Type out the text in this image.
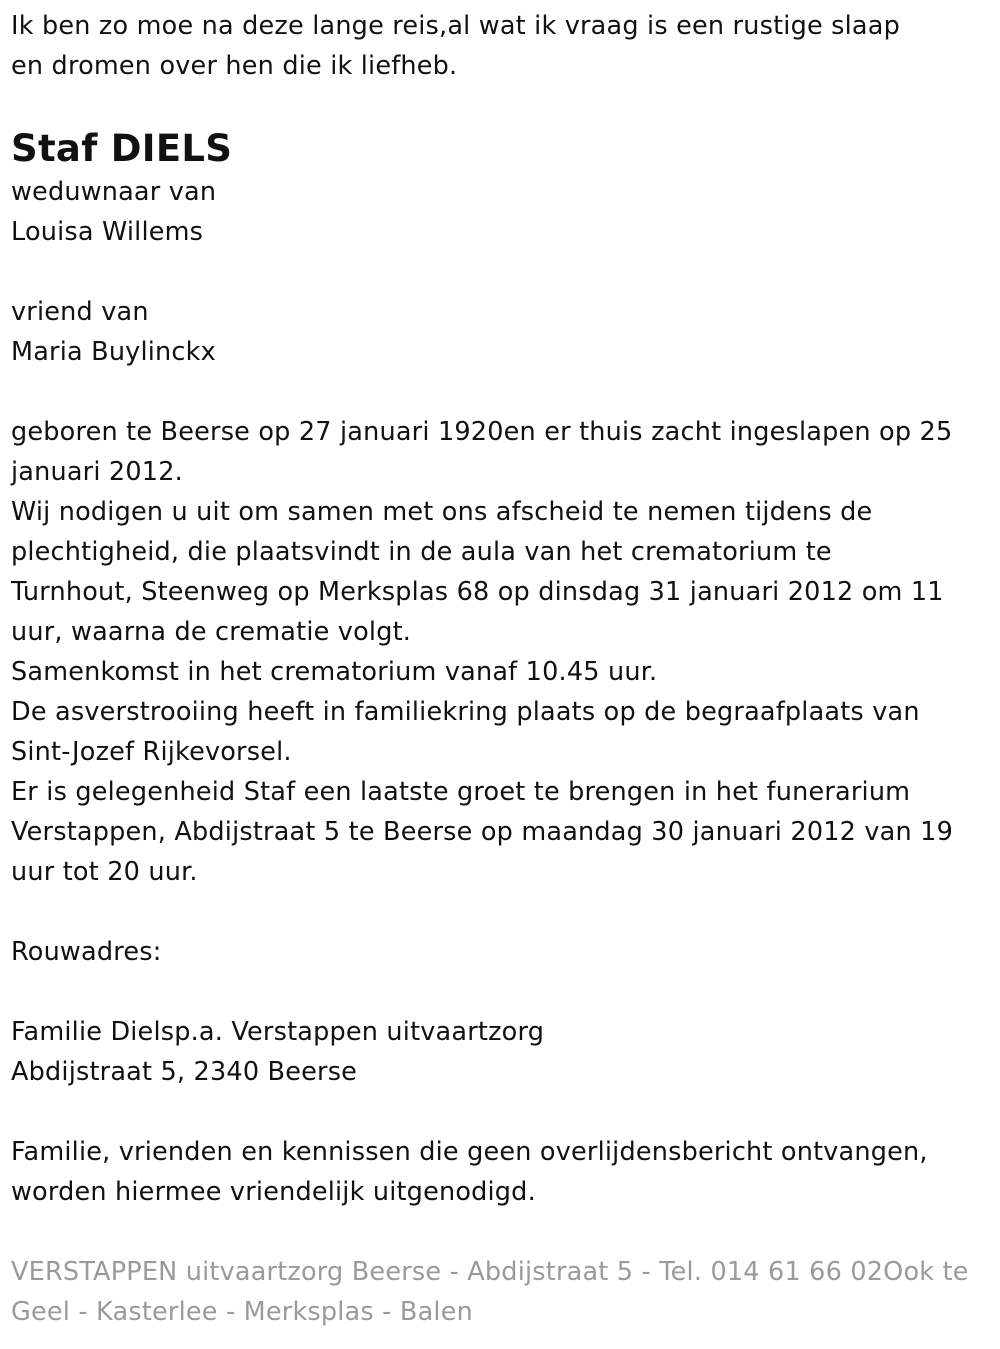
Ik ben zo moe na deze lange reis,al wat ik vraag is een rustige slaap
en dromen over hen die ik liefheb.
Staf DIELS
weduwnaar van
Louisa Willems
vriend van
Maria Buylinckx
geboren te Beerse op 27 januari 1920en er thuis zacht ingeslapen op 25
januari 2012.
Wij nodigen u uit om samen met ons afscheid te nemen tijdens de
plechtigheid, die plaatsvindt in de aula van het crematorium te
Turnhout, Steenweg op Merksplas 68 op dinsdag 31 januari 2012 om 11
uur, waarna de crematie volgt.
Samenkomst in het crematorium vanaf 10.45 uur.
De asverstrooiing heeft in familiekring plaats op de begraafplaats van
Sint-Jozef Rijkevorsel.
Er is gelegenheid Staf een laatste groet te brengen in het funerarium
Verstappen, Abdijstraat 5 te Beerse op maandag 30 januari 2012 van 19
uur tot 20 uur.
Rouwadres:
Familie Dielsp.a. Verstappen uitvaartzorg
Abdijstraat 5, 2340 Beerse
Familie, vrienden en kennissen die geen overlijdensbericht ontvangen,
worden hiermee vriendelijk uitgenodigd.
VERSTAPPEN uitvaartzorg Beerse - Abdijstraat 5 - Tel. 014 61 66 02Ook te
Geel - Kasterlee - Merksplas - Balen
